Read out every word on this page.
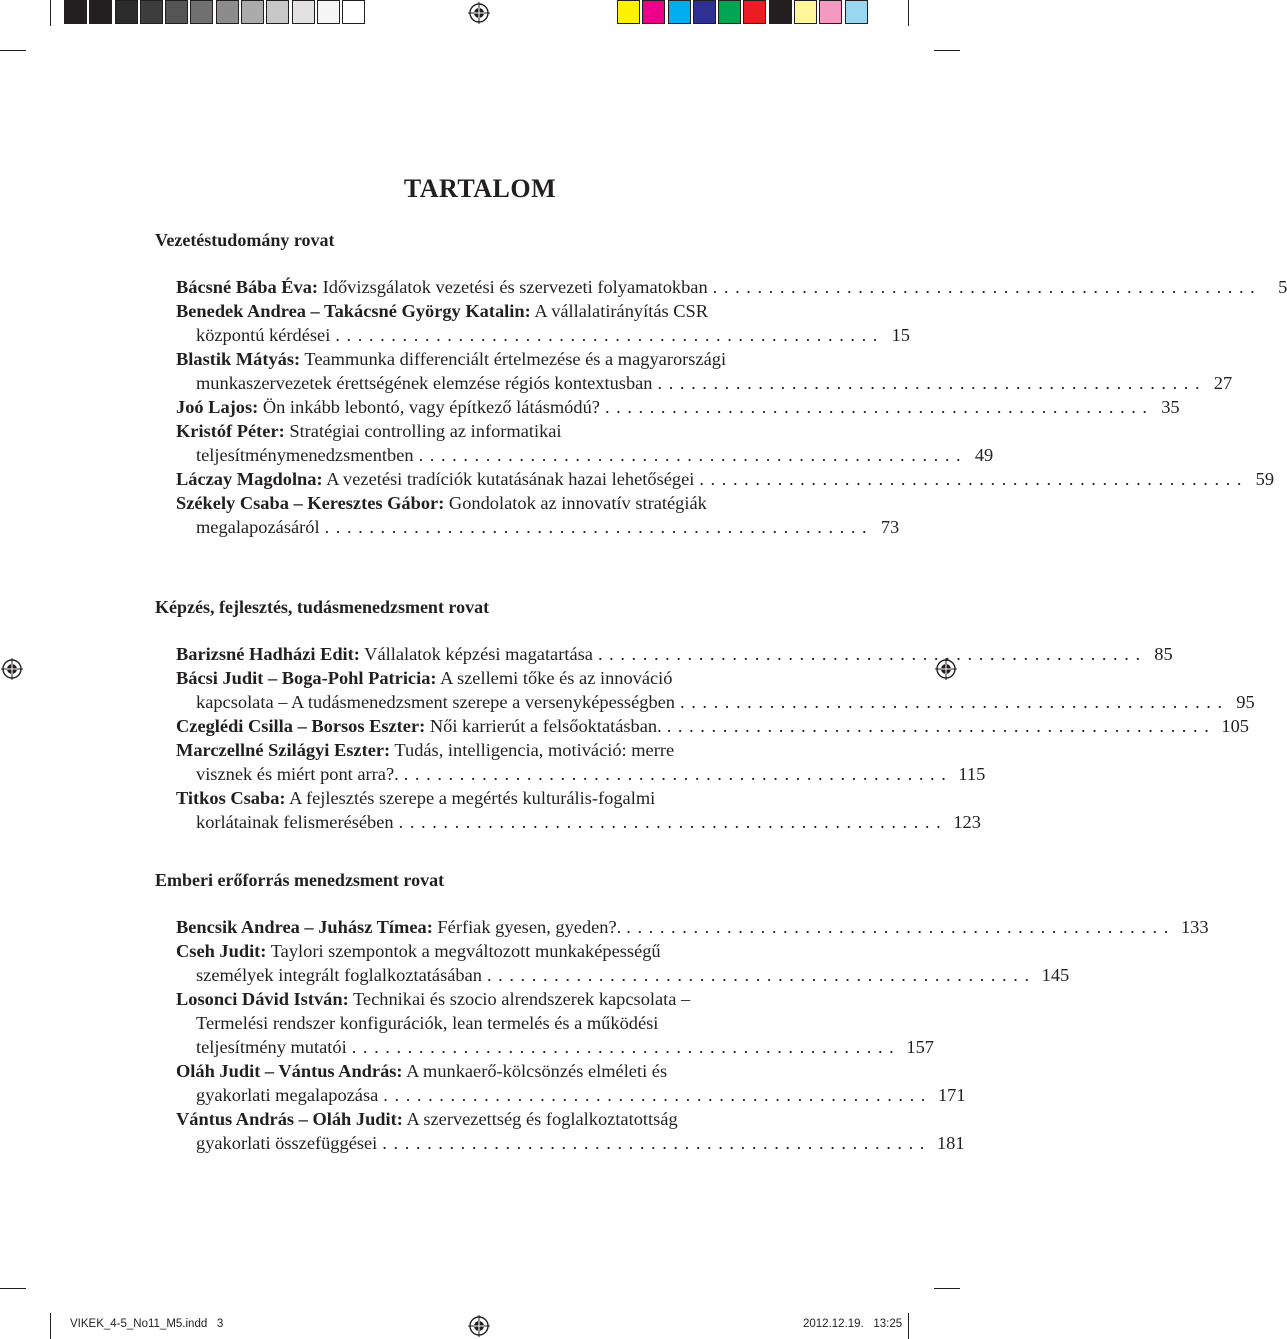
VIKEK_4-5_No11_M5.indd   3	2012.12.19.   13:25
TARTALOM
Vezetéstudomány rovat
Képzés, fejlesztés, tudásmenedzsment rovat
Emberi erőforrás menedzsment rovat
Bácsné Bába Éva: Idővizsgálatok vezetési és szervezeti folyamatokban ................................................. 5
Benedek Andrea – Takácsné György Katalin: A vállalatirányítás CSR
központú kérdései ................................................. 15
Blastik Mátyás: Teammunka differenciált értelmezése és a magyarországi
munkaszervezetek érettségének elemzése régiós kontextusban ................................................. 27
Joó Lajos: Ön inkább lebontó, vagy építkező látásmódú? ................................................. 35
Kristóf Péter: Stratégiai controlling az informatikai
teljesítménymenedzsmentben ................................................. 49
Láczay Magdolna: A vezetési tradíciók kutatásának hazai lehetőségei ................................................. 59
Székely Csaba – Keresztes Gábor: Gondolatok az innovatív stratégiák
megalapozásáról ................................................. 73
Barizsné Hadházi Edit: Vállalatok képzési magatartása ................................................. 85
Bácsi Judit – Boga-Pohl Patricia: A szellemi tőke és az innováció
kapcsolata – A tudásmenedzsment szerepe a versenyképességben ................................................. 95
Czeglédi Csilla – Borsos Eszter: Női karrierút a felsőoktatásban. ................................................. 105
Marczellné Szilágyi Eszter: Tudás, intelligencia, motiváció: merre
visznek és miért pont arra?. ................................................. 115
Titkos Csaba: A fejlesztés szerepe a megértés kulturális-fogalmi
korlátainak felismerésében ................................................. 123
Bencsik Andrea – Juhász Tímea: Férfiak gyesen, gyeden?. ................................................. 133
Cseh Judit: Taylori szempontok a megváltozott munkaképességű
személyek integrált foglalkoztatásában ................................................. 145
Losonci Dávid István: Technikai és szocio alrendszerek kapcsolata –
Termelési rendszer konfigurációk, lean termelés és a működési
teljesítmény mutatói ................................................. 157
Oláh Judit – Vántus András: A munkaerő-kölcsönzés elméleti és
gyakorlati megalapozása ................................................. 171
Vántus András – Oláh Judit: A szervezettség és foglalkoztatottság
gyakorlati összefüggései ................................................. 181
